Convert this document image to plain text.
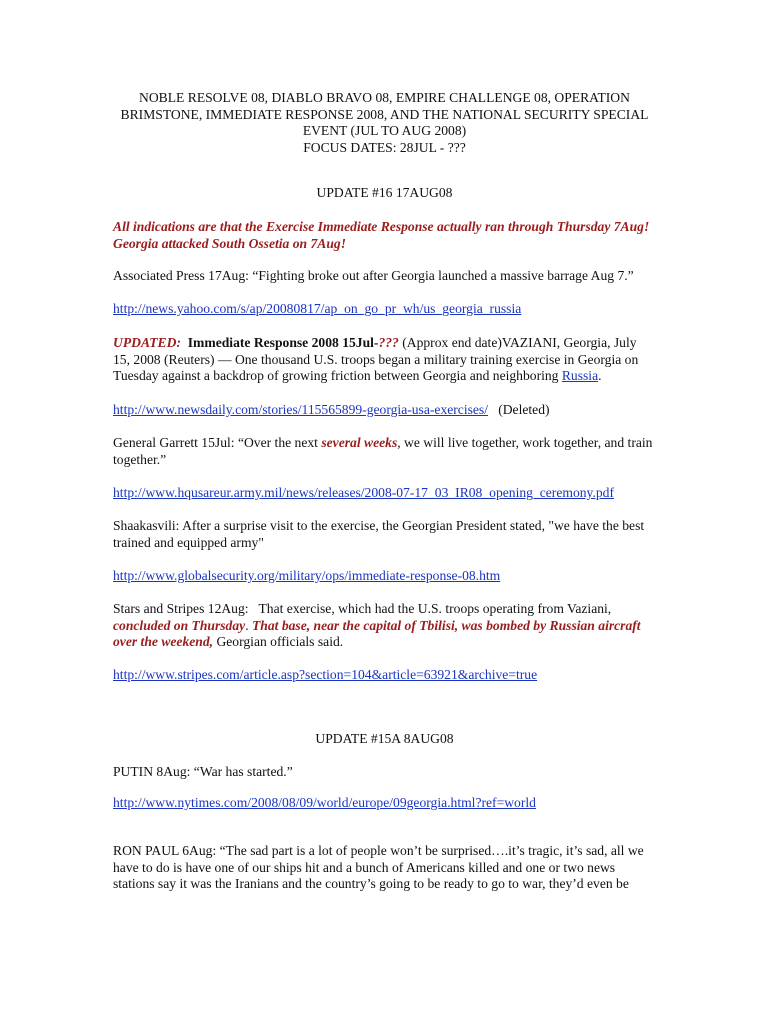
NOBLE RESOLVE 08, DIABLO BRAVO 08, EMPIRE CHALLENGE 08, OPERATION
BRIMSTONE, IMMEDIATE RESPONSE 2008, AND THE NATIONAL SECURITY SPECIAL
EVENT (JUL TO AUG 2008)
FOCUS DATES: 28JUL - ???

UPDATE #16 17AUG08

All indications are that the Exercise Immediate Response actually ran through Thursday 7Aug! Georgia attacked South Ossetia on 7Aug!

Associated Press 17Aug: “Fighting broke out after Georgia launched a massive barrage Aug 7.”

http://news.yahoo.com/s/ap/20080817/ap_on_go_pr_wh/us_georgia_russia

UPDATED: Immediate Response 2008 15Jul-??? (Approx end date)VAZIANI, Georgia, July 15, 2008 (Reuters) — One thousand U.S. troops began a military training exercise in Georgia on Tuesday against a backdrop of growing friction between Georgia and neighboring Russia.

http://www.newsdaily.com/stories/115565899-georgia-usa-exercises/   (Deleted)

General Garrett 15Jul: “Over the next several weeks, we will live together, work together, and train together.”

http://www.hqusareur.army.mil/news/releases/2008-07-17_03_IR08_opening_ceremony.pdf

Shaakasvili: After a surprise visit to the exercise, the Georgian President stated, "we have the best trained and equipped army"

http://www.globalsecurity.org/military/ops/immediate-response-08.htm

Stars and Stripes 12Aug:   That exercise, which had the U.S. troops operating from Vaziani, concluded on Thursday. That base, near the capital of Tbilisi, was bombed by Russian aircraft over the weekend, Georgian officials said.

http://www.stripes.com/article.asp?section=104&article=63921&archive=true

UPDATE #15A 8AUG08

PUTIN 8Aug: “War has started.”

http://www.nytimes.com/2008/08/09/world/europe/09georgia.html?ref=world

RON PAUL 6Aug: “The sad part is a lot of people won’t be surprised….it’s tragic, it’s sad, all we have to do is have one of our ships hit and a bunch of Americans killed and one or two news stations say it was the Iranians and the country’s going to be ready to go to war, they’d even be
